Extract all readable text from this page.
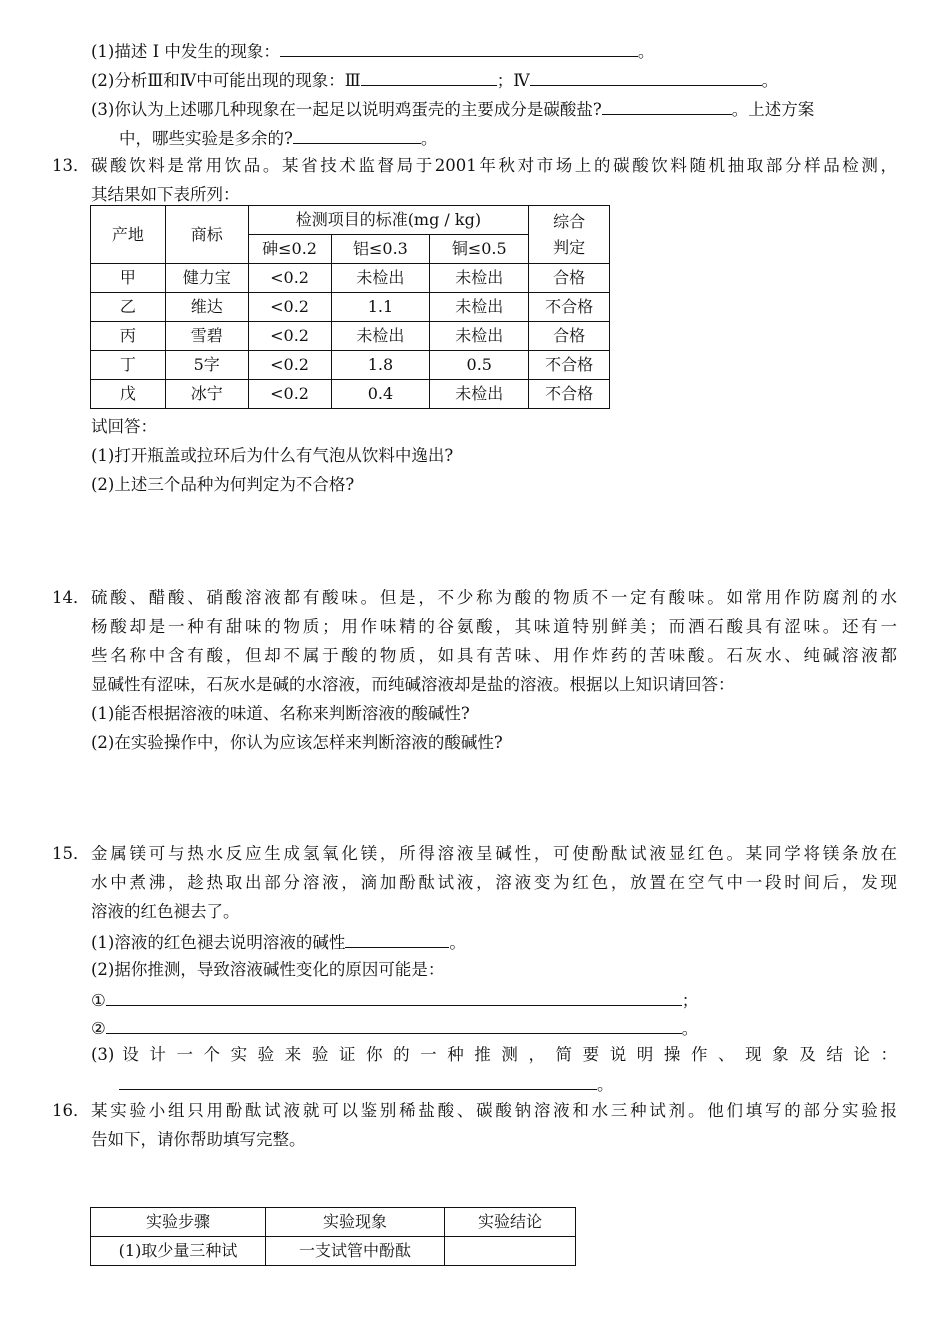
(1)描述 I 中发生的现象：	。
(2)分析Ⅲ和Ⅳ中可能出现的现象：Ⅲ	；Ⅳ	。
(3)你认为上述哪几种现象在一起足以说明鸡蛋壳的主要成分是碳酸盐?	。上述方案
中，哪些实验是多余的?	。
13． 碳酸饮料是常用饮品。某省技术监督局于2001年秋对市场上的碳酸饮料随机抽取部分样品检测，
其结果如下表所列：
产地	商标	检测项目的标准(mg / kg)			综合
判定

		砷≤0.2	铝≤0.3	铜≤0.5	
甲	健力宝	<0.2	未检出	未检出	合格
乙	维达	<0.2	1.1	未检出	不合格
丙	雪碧	<0.2	未检出	未检出	合格
丁	5字	<0.2	1.8	0.5	不合格
戊	冰宁	<0.2	0.4	未检出	不合格
试回答：
(1)打开瓶盖或拉环后为什么有气泡从饮料中逸出?
(2)上述三个品种为何判定为不合格?
14． 硫酸、醋酸、硝酸溶液都有酸味。但是，不少称为酸的物质不一定有酸味。如常用作防腐剂的水
杨酸却是一种有甜味的物质；用作味精的谷氨酸，其味道特别鲜美；而酒石酸具有涩味。还有一
些名称中含有酸，但却不属于酸的物质，如具有苦味、用作炸药的苦味酸。石灰水、纯碱溶液都
显碱性有涩味，石灰水是碱的水溶液，而纯碱溶液却是盐的溶液。根据以上知识请回答：
(1)能否根据溶液的味道、名称来判断溶液的酸碱性?
(2)在实验操作中，你认为应该怎样来判断溶液的酸碱性?
15． 金属镁可与热水反应生成氢氧化镁，所得溶液呈碱性，可使酚酞试液显红色。某同学将镁条放在
水中煮沸，趁热取出部分溶液，滴加酚酞试液，溶液变为红色，放置在空气中一段时间后，发现
溶液的红色褪去了。
(1)溶液的红色褪去说明溶液的碱性	。
(2)据你推测，导致溶液碱性变化的原因可能是：
①	；
②	。
(3) 设 计 一 个 实 验 来 验 证 你 的 一 种 推 测 ， 简 要 说 明 操 作 、 现 象 及 结 论 ：
。
16． 某实验小组只用酚酞试液就可以鉴别稀盐酸、碳酸钠溶液和水三种试剂。他们填写的部分实验报
告如下，请你帮助填写完整。
实验步骤	实验现象	实验结论
(1)取少量三种试	一支试管中酚酞	
